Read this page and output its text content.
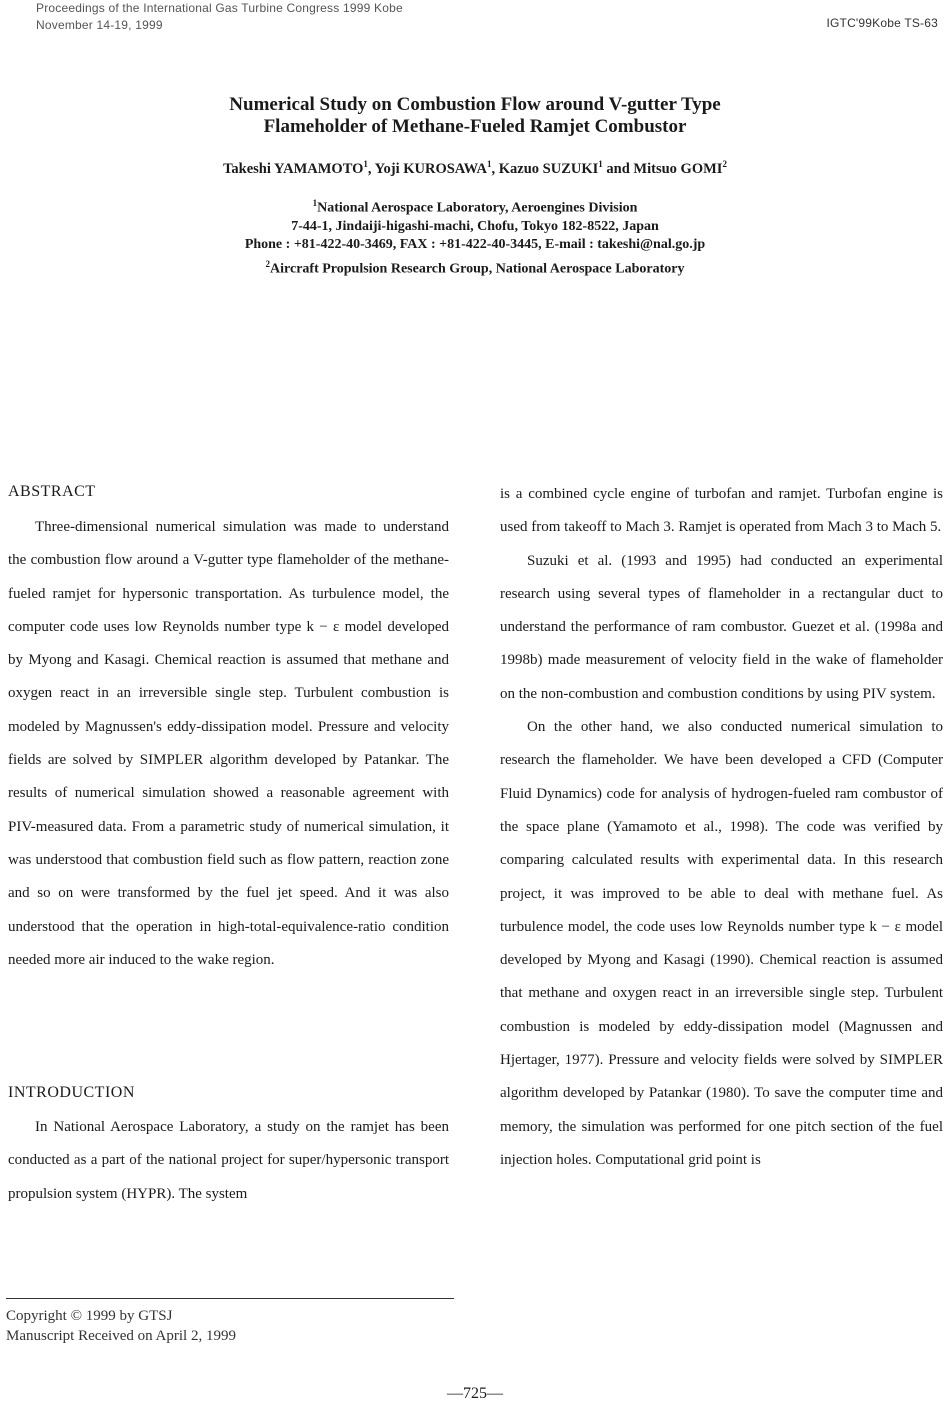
Proceedings of the International Gas Turbine Congress 1999 Kobe
November 14-19, 1999	IGTC'99Kobe TS-63
Numerical Study on Combustion Flow around V-gutter Type
Flameholder of Methane-Fueled Ramjet Combustor
Takeshi YAMAMOTO$^1$, Yoji KUROSAWA$^1$, Kazuo SUZUKI$^1$ and Mitsuo GOMI$^2$
$^1$National Aerospace Laboratory, Aeroengines Division
7-44-1, Jindaiji-higashi-machi, Chofu, Tokyo 182-8522, Japan
Phone : +81-422-40-3469, FAX : +81-422-40-3445, E-mail : takeshi@nal.go.jp
$^2$Aircraft Propulsion Research Group, National Aerospace Laboratory
ABSTRACT

Three-dimensional numerical simulation was made to understand the combustion flow around a V-gutter type flameholder of the methane-fueled ramjet for hypersonic transportation. As turbulence model, the computer code uses low Reynolds number type k − ε model developed by Myong and Kasagi. Chemical reaction is assumed that methane and oxygen react in an irreversible single step. Turbulent combustion is modeled by Magnussen's eddy-dissipation model. Pressure and velocity fields are solved by SIMPLER algorithm developed by Patankar. The results of numerical simulation showed a reasonable agreement with PIV-measured data. From a parametric study of numerical simulation, it was understood that combustion field such as flow pattern, reaction zone and so on were transformed by the fuel jet speed. And it was also understood that the operation in high-total-equivalence-ratio condition needed more air induced to the wake region.

INTRODUCTION

In National Aerospace Laboratory, a study on the ramjet has been conducted as a part of the national project for super/hypersonic transport propulsion system (HYPR). The system

is a combined cycle engine of turbofan and ramjet. Turbofan engine is used from takeoff to Mach 3. Ramjet is operated from Mach 3 to Mach 5.

Suzuki et al. (1993 and 1995) had conducted an experimental research using several types of flameholder in a rectangular duct to understand the performance of ram combustor. Guezet et al. (1998a and 1998b) made measurement of velocity field in the wake of flameholder on the non-combustion and combustion conditions by using PIV system.

On the other hand, we also conducted numerical simulation to research the flameholder. We have been developed a CFD (Computer Fluid Dynamics) code for analysis of hydrogen-fueled ram combustor of the space plane (Yamamoto et al., 1998). The code was verified by comparing calculated results with experimental data. In this research project, it was improved to be able to deal with methane fuel. As turbulence model, the code uses low Reynolds number type k − ε model developed by Myong and Kasagi (1990). Chemical reaction is assumed that methane and oxygen react in an irreversible single step. Turbulent combustion is modeled by eddy-dissipation model (Magnussen and Hjertager, 1977). Pressure and velocity fields were solved by SIMPLER algorithm developed by Patankar (1980). To save the computer time and memory, the simulation was performed for one pitch section of the fuel injection holes. Computational grid point is

Copyright © 1999 by GTSJ
Manuscript Received on April 2, 1999
—725—
